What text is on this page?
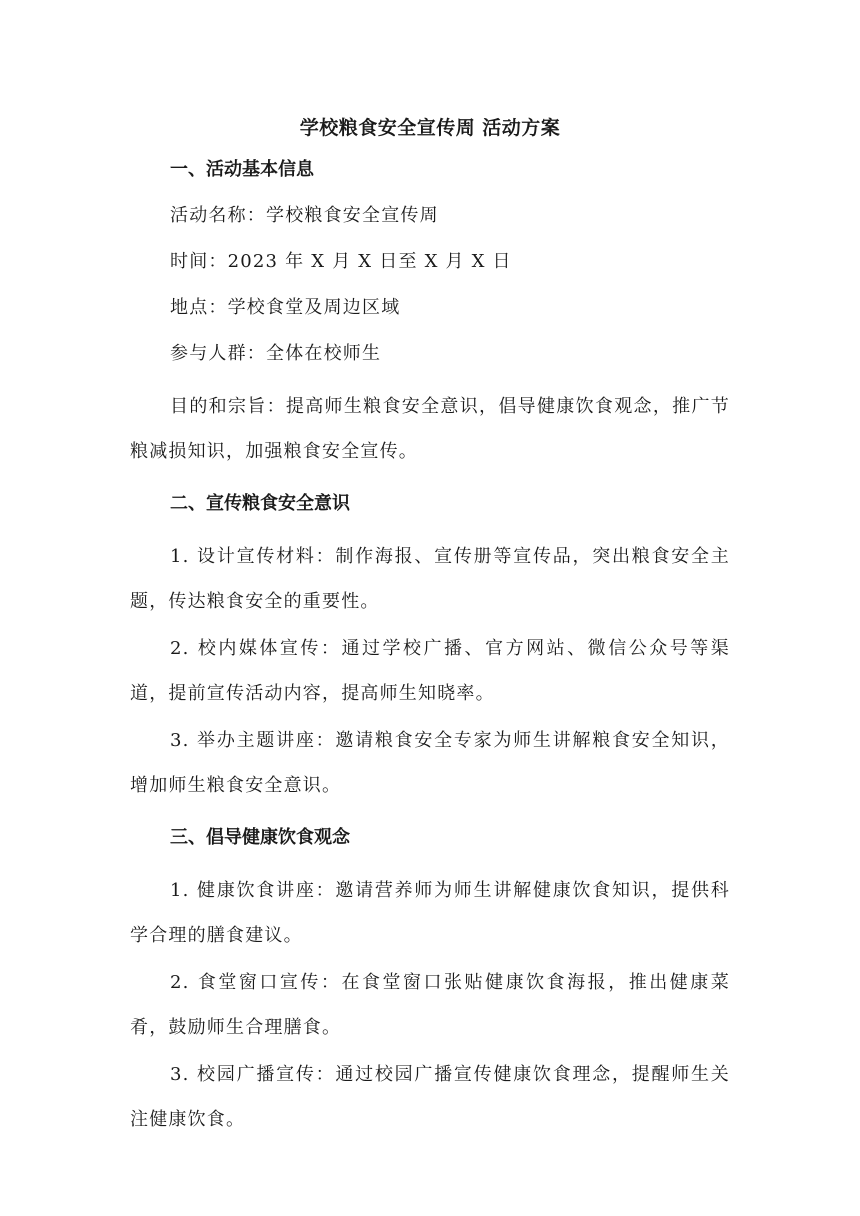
学校粮食安全宣传周 活动方案
一、活动基本信息
活动名称：学校粮食安全宣传周
时间：2023 年 X 月 X 日至 X 月 X 日
地点：学校食堂及周边区域
参与人群：全体在校师生
目的和宗旨：提高师生粮食安全意识，倡导健康饮食观念，推广节粮减损知识，加强粮食安全宣传。
二、宣传粮食安全意识
1. 设计宣传材料：制作海报、宣传册等宣传品，突出粮食安全主题，传达粮食安全的重要性。
2. 校内媒体宣传：通过学校广播、官方网站、微信公众号等渠道，提前宣传活动内容，提高师生知晓率。
3. 举办主题讲座：邀请粮食安全专家为师生讲解粮食安全知识，增加师生粮食安全意识。
三、倡导健康饮食观念
1. 健康饮食讲座：邀请营养师为师生讲解健康饮食知识，提供科学合理的膳食建议。
2. 食堂窗口宣传：在食堂窗口张贴健康饮食海报，推出健康菜肴，鼓励师生合理膳食。
3. 校园广播宣传：通过校园广播宣传健康饮食理念，提醒师生关注健康饮食。
